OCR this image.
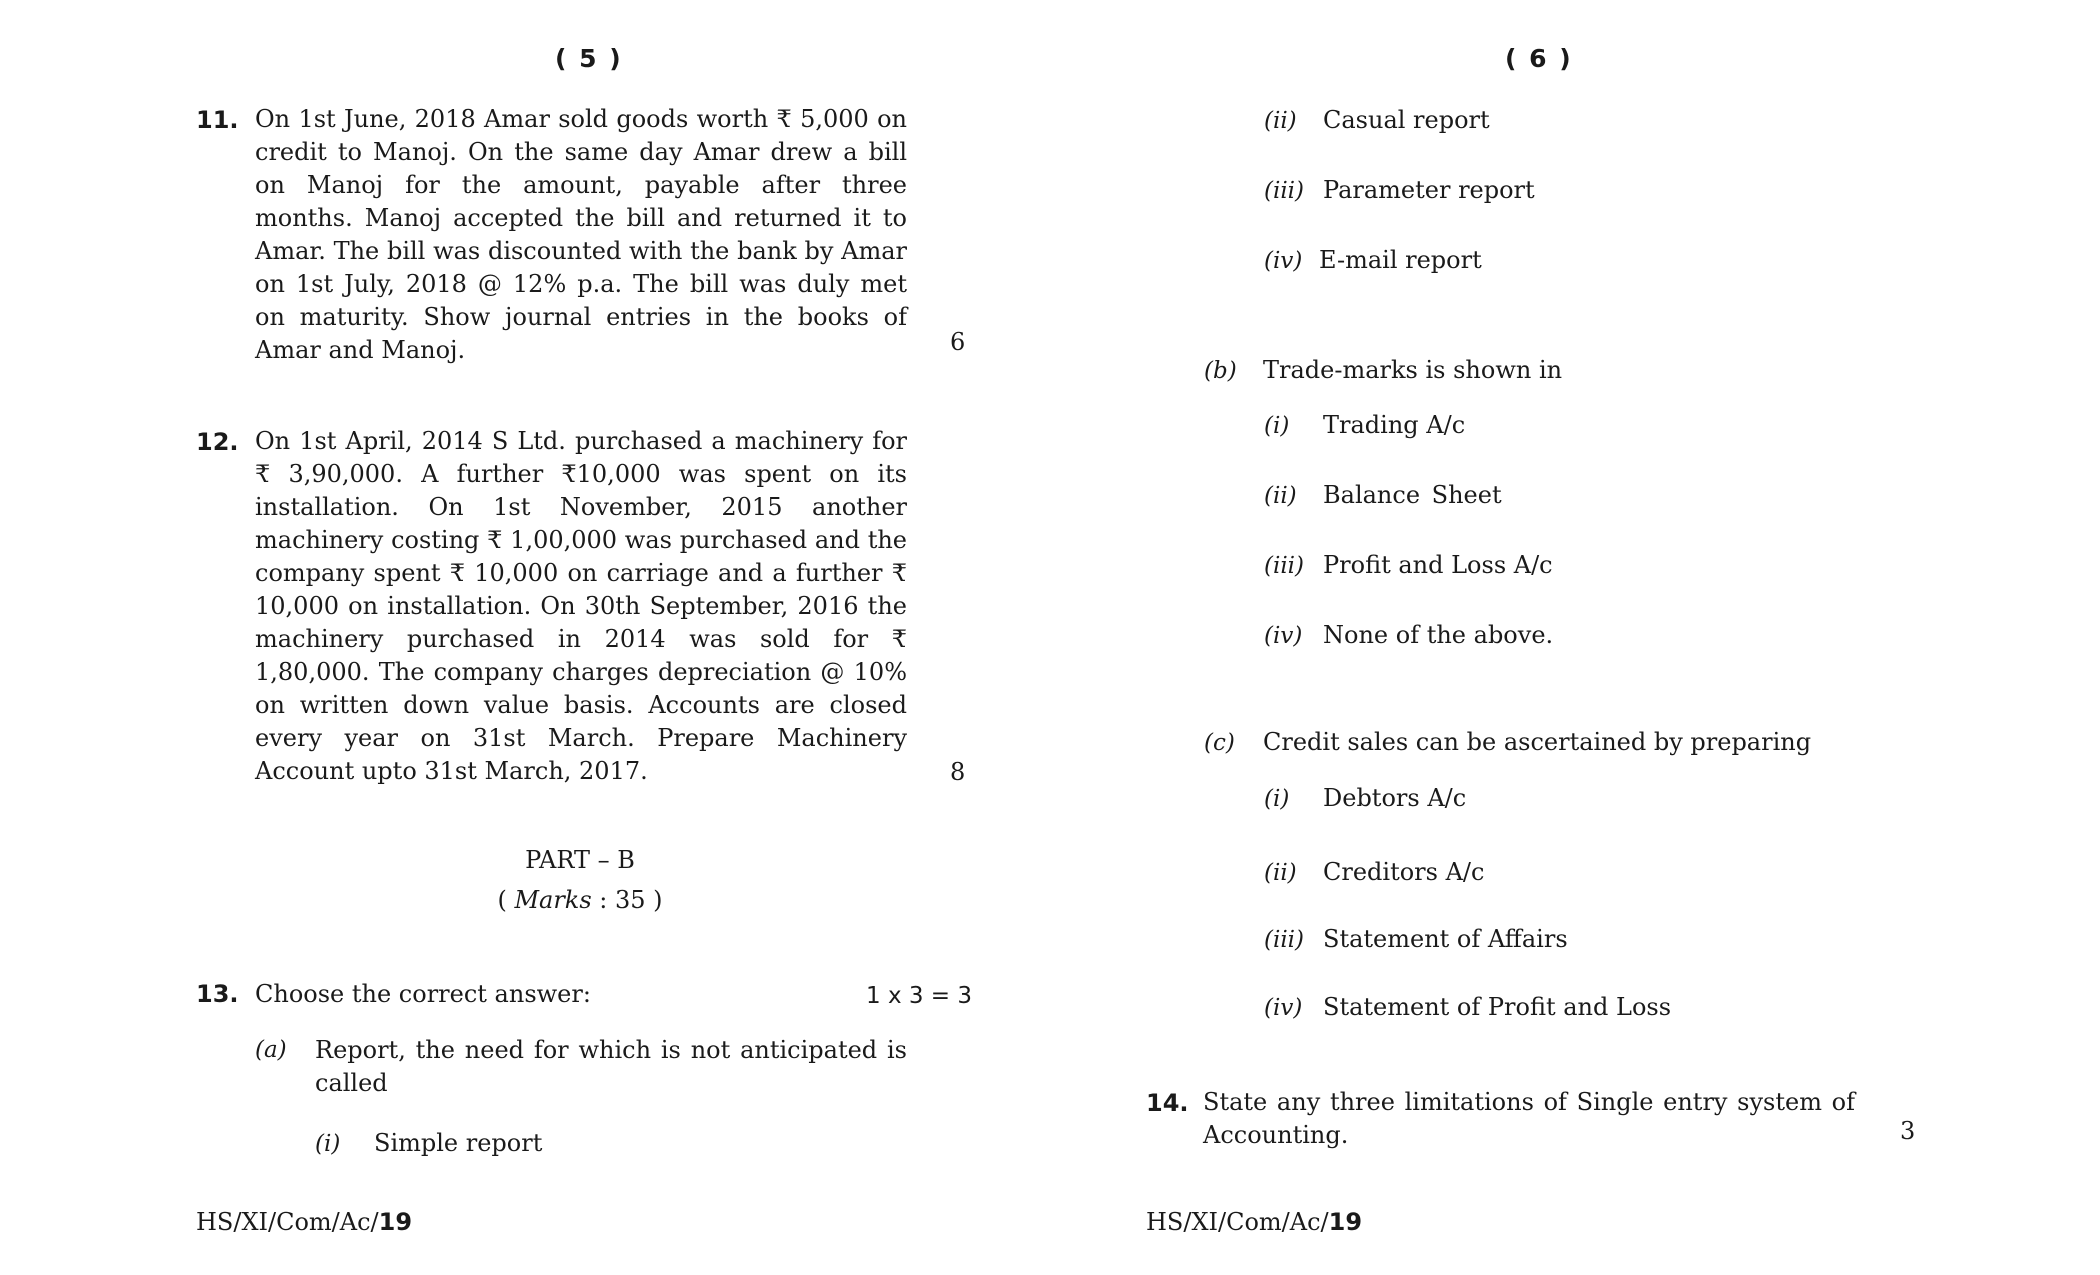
( 5 )
11. On 1st June, 2018 Amar sold goods worth ₹ 5,000 on credit to Manoj. On the same day Amar drew a bill on Manoj for the amount, payable after three months. Manoj accepted the bill and returned it to Amar. The bill was discounted with the bank by Amar on 1st July, 2018 @ 12% p.a. The bill was duly met on maturity. Show journal entries in the books of Amar and Manoj.	6
12. On 1st April, 2014 S Ltd. purchased a machinery for ₹ 3,90,000. A further ₹10,000 was spent on its installation. On 1st November, 2015 another machinery costing ₹ 1,00,000 was purchased and the company spent ₹ 10,000 on carriage and a further ₹ 10,000 on installation. On 30th September, 2016 the machinery purchased in 2014 was sold for ₹ 1,80,000. The company charges depreciation @ 10% on written down value basis. Accounts are closed every year on 31st March. Prepare Machinery Account upto 31st March, 2017.	8
PART – B
( Marks : 35 )
13. Choose the correct answer:	1 x 3 = 3
(a) Report, the need for which is not anticipated is called
(i) Simple report
HS/XI/Com/Ac/19
( 6 )
(ii) Casual report
(iii) Parameter report
(iv) E-mail report
(b) Trade-marks is shown in
(i) Trading A/c
(ii) Balance Sheet
(iii) Profit and Loss A/c
(iv) None of the above.
(c) Credit sales can be ascertained by preparing
(i) Debtors A/c
(ii) Creditors A/c
(iii) Statement of Affairs
(iv) Statement of Profit and Loss
14. State any three limitations of Single entry system of Accounting.	3
HS/XI/Com/Ac/19
